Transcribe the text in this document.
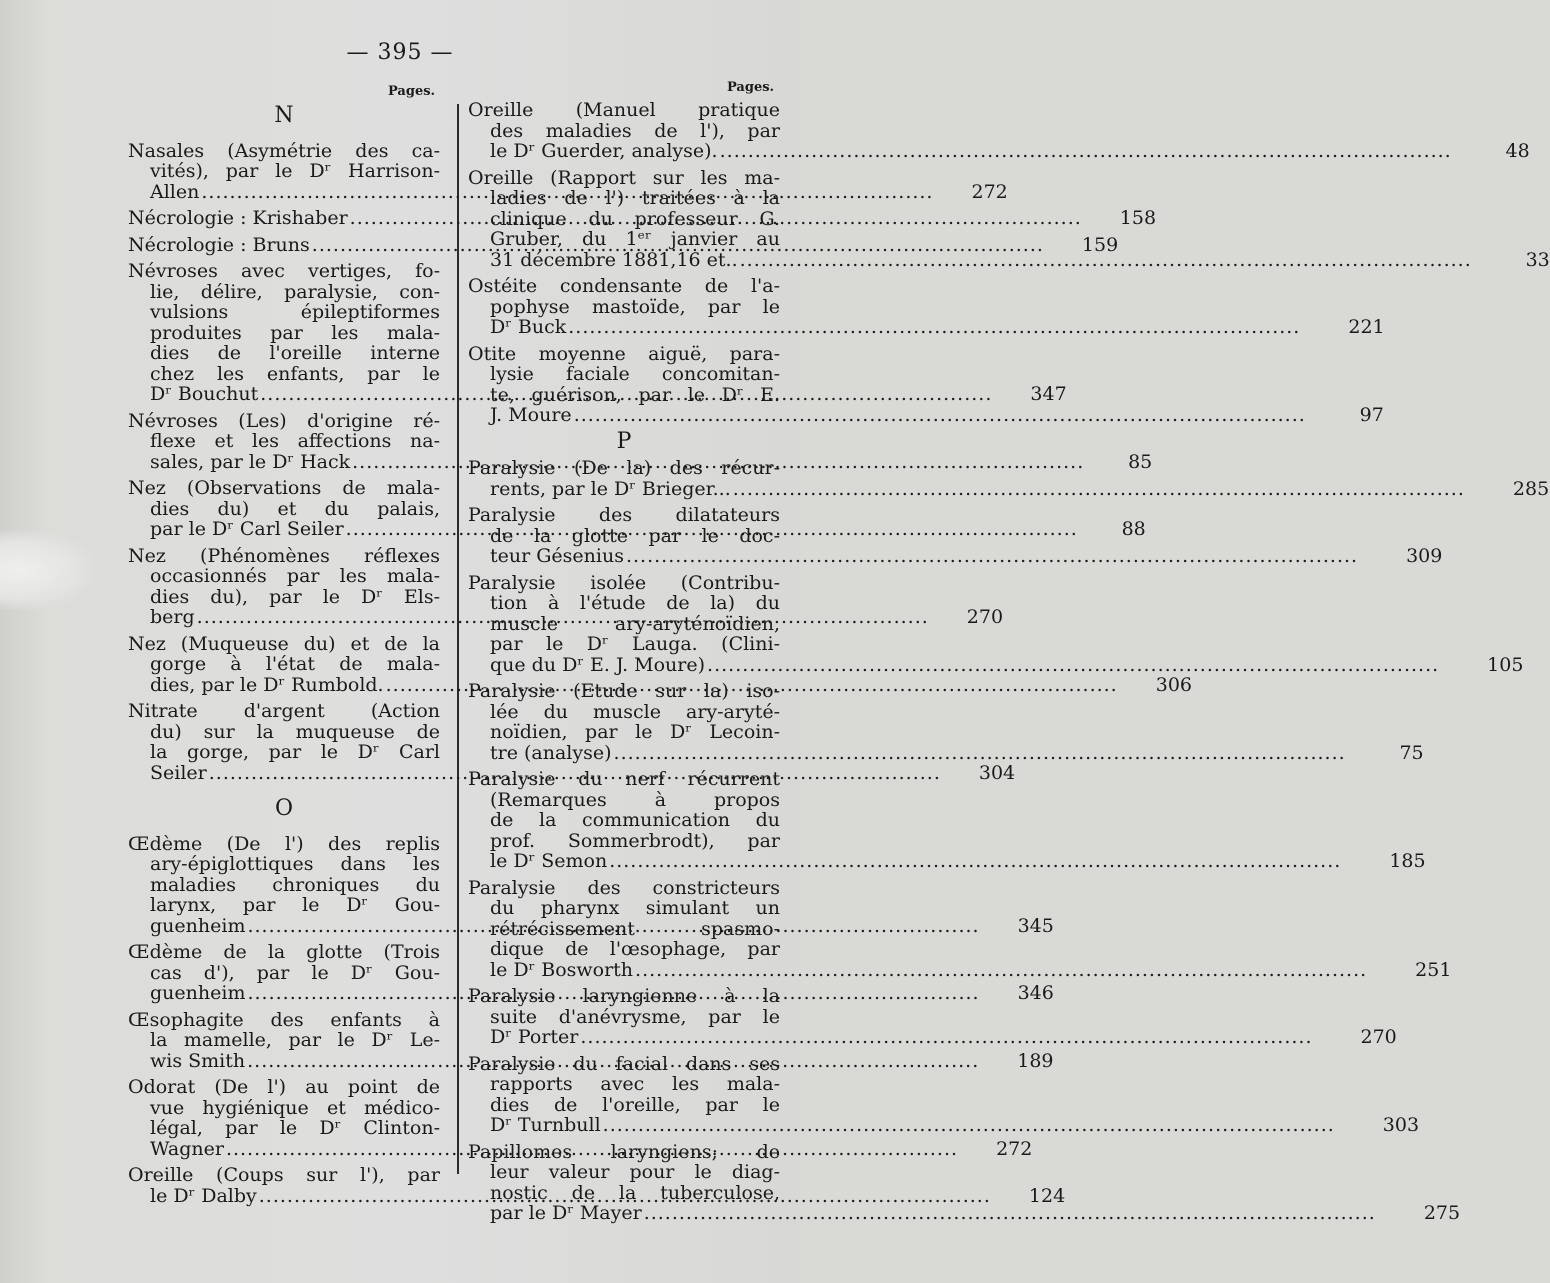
— 395 —
Pages.	Pages.
N
Nasales (Asymétrie des ca-
vités), par le Dʳ Harrison-
Allen .....	272
Nécrologie : Krishaber .....	158
Nécrologie : Bruns .....	159
Névroses avec vertiges, fo-
lie, délire, paralysie, con-
vulsions épileptiformes
produites par les mala-
dies de l'oreille interne
chez les enfants, par le
Dʳ Bouchut .....	347
Névroses (Les) d'origine ré-
flexe et les affections na-
sales, par le Dʳ Hack .....	85
Nez (Observations de mala-
dies du) et du palais,
par le Dʳ Carl Seiler .....	88
Nez (Phénomènes réflexes
occasionnés par les mala-
dies du), par le Dʳ Els-
berg .....	270
Nez (Muqueuse du) et de la
gorge à l'état de mala-
dies, par le Dʳ Rumbold. .....	306
Nitrate d'argent (Action
du) sur la muqueuse de
la gorge, par le Dʳ Carl
Seiler .....	304
O
Œdème (De l') des replis
ary-épiglottiques dans les
maladies chroniques du
larynx, par le Dʳ Gou-
guenheim .....	345
Œdème de la glotte (Trois
cas d'), par le Dʳ Gou-
guenheim .....	346
Œsophagite des enfants à
la mamelle, par le Dʳ Le-
wis Smith .....	189
Odorat (De l') au point de
vue hygiénique et médico-
légal, par le Dʳ Clinton-
Wagner .....	272
Oreille (Coups sur l'), par
le Dʳ Dalby .....	124
Oreille (Manuel pratique
des maladies de l'), par
le Dʳ Guerder, analyse). .....	48
Oreille (Rapport sur les ma-
ladies de l') traitées à la
clinique du professeur G.
Gruber, du 1ᵉʳ janvier au
31 décembre 1881,16 et.. .....	33
Ostéite condensante de l'a-
pophyse mastoïde, par le
Dʳ Buck .....	221
Otite moyenne aiguë, para-
lysie faciale concomitan-
te, guérison, par le Dʳ E.
J. Moure .....	97
P
Paralysie (De la) des récur-
rents, par le Dʳ Brieger... .....	285
Paralysie des dilatateurs
de la glotte par le doc-
teur Gésenius .....	309
Paralysie isolée (Contribu-
tion à l'étude de la) du
muscle ary-aryténoïdien,
par le Dʳ Lauga. (Clini-
que du Dʳ E. J. Moure) .....	105
Paralysie (Etude sur la) iso-
lée du muscle ary-aryté-
noïdien, par le Dʳ Lecoin-
tre (analyse) .....	75
Paralysie du nerf récurrent
(Remarques à propos
de la communication du
prof. Sommerbrodt), par
le Dʳ Semon .....	185
Paralysie des constricteurs
du pharynx simulant un
rétrécissement spasmo-
dique de l'œsophage, par
le Dʳ Bosworth .....	251
Paralysie laryngienne à la
suite d'anévrysme, par le
Dʳ Porter .....	270
Paralysie du facial dans ses
rapports avec les mala-
dies de l'oreille, par le
Dʳ Turnbull .....	303
Papillomes laryngiens; de
leur valeur pour le diag-
nostic de la tuberculose,
par le Dʳ Mayer .....	275
